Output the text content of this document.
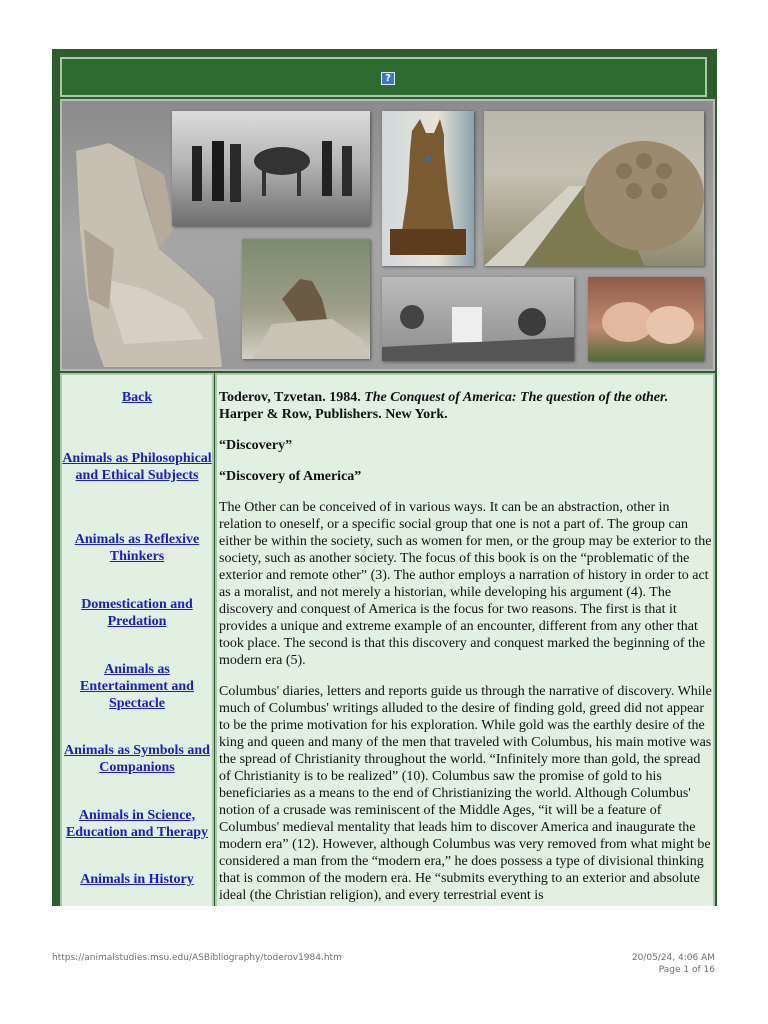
?
Back
Animals as Philosophical and Ethical Subjects
Animals as Reflexive Thinkers
Domestication and Predation
Animals as Entertainment and Spectacle
Animals as Symbols and Companions
Animals in Science, Education and Therapy
Animals in History

Toderov, Tzvetan. 1984. The Conquest of America: The question of the other. Harper & Row, Publishers. New York.

“Discovery”

“Discovery of America”

The Other can be conceived of in various ways. It can be an abstraction, other in relation to oneself, or a specific social group that one is not a part of. The group can either be within the society, such as women for men, or the group may be exterior to the society, such as another society. The focus of this book is on the “problematic of the exterior and remote other” (3). The author employs a narration of history in order to act as a moralist, and not merely a historian, while developing his argument (4). The discovery and conquest of America is the focus for two reasons. The first is that it provides a unique and extreme example of an encounter, different from any other that took place. The second is that this discovery and conquest marked the beginning of the modern era (5).

Columbus' diaries, letters and reports guide us through the narrative of discovery. While much of Columbus' writings alluded to the desire of finding gold, greed did not appear to be the prime motivation for his exploration. While gold was the earthly desire of the king and queen and many of the men that traveled with Columbus, his main motive was the spread of Christianity throughout the world. “Infinitely more than gold, the spread of Christianity is to be realized” (10). Columbus saw the promise of gold to his beneficiaries as a means to the end of Christianizing the world. Although Columbus' notion of a crusade was reminiscent of the Middle Ages, “it will be a feature of Columbus' medieval mentality that leads him to discover America and inaugurate the modern era” (12). However, although Columbus was very removed from what might be considered a man from the “modern era,” he does possess a type of divisional thinking that is common of the modern era. He “submits everything to an exterior and absolute ideal (the Christian religion), and every terrestrial event is

https://animalstudies.msu.edu/ASBibliography/toderov1984.htm	20/05/24, 4:06 AM
Page 1 of 16
